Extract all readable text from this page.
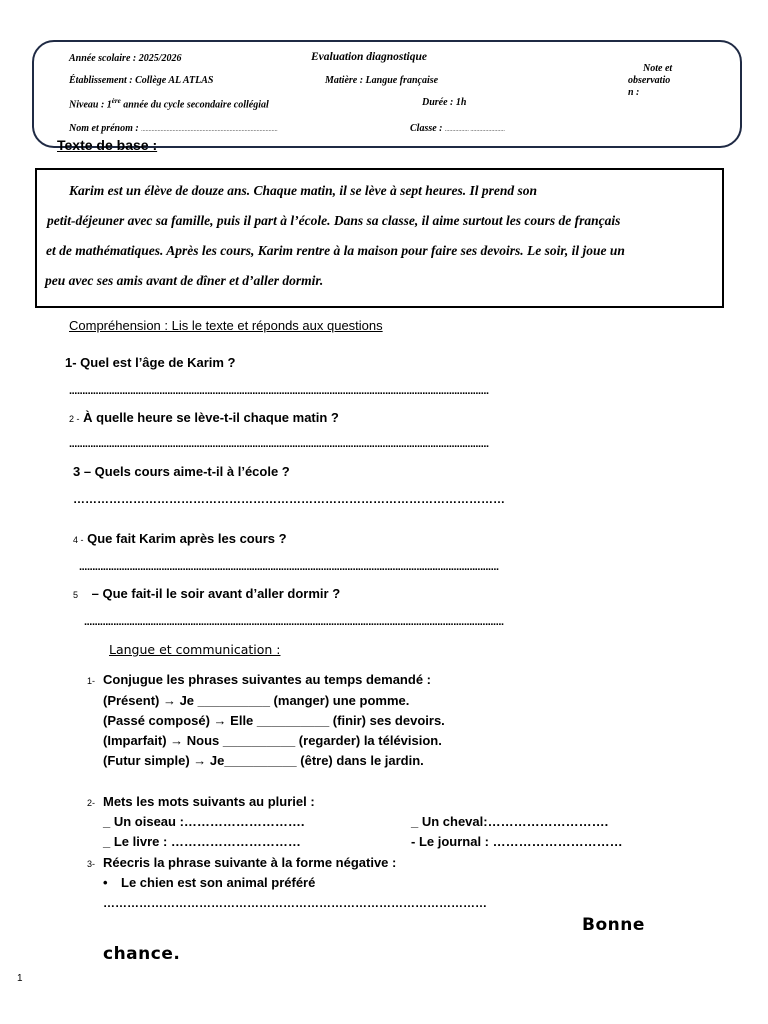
Année scolaire : 2025/2026	Evaluation diagnostique
Établissement : Collège AL ATLAS	Matière : Langue française
Niveau : 1ère année du cycle secondaire collégial	Durée : 1h
Nom et prénom : ...........................................................................................	Classe : ................ .......................
Note et
observatio
n :
Texte de base :
Karim est un élève de douze ans. Chaque matin, il se lève à sept heures. Il prend son
petit-déjeuner avec sa famille, puis il part à l’école. Dans sa classe, il aime surtout les cours de français
et de mathématiques. Après les cours, Karim rentre à la maison pour faire ses devoirs. Le soir, il joue un
peu avec ses amis avant de dîner et d’aller dormir.
Compréhension : Lis le texte et réponds aux questions
1- Quel est l’âge de Karim ?
..............................................................................................................................................................
2 - À quelle heure se lève-t-il chaque matin ?
..............................................................................................................................................................
3 – Quels cours aime-t-il à l’école ?
………………………………………………………………………………………………
4 - Que fait Karim après les cours ?
..............................................................................................................................................................
5 – Que fait-il le soir avant d’aller dormir ?
..............................................................................................................................................................
Langue et communication :
1- Conjugue les phrases suivantes au temps demandé :
(Présent) → Je __________ (manger) une pomme.
(Passé composé) → Elle __________ (finir) ses devoirs.
(Imparfait) → Nous __________ (regarder) la télévision.
(Futur simple) → Je__________ (être) dans le jardin.
2- Mets les mots suivants au pluriel :
_ Un oiseau :……………………….	_ Un cheval:……………………….
_ Le livre : …………………………	- Le journal : …………………………
3- Réecris la phrase suivante à la forme négative :
• Le chien est son animal préféré
……………………………………………………………………………………
Bonne
chance.
1
